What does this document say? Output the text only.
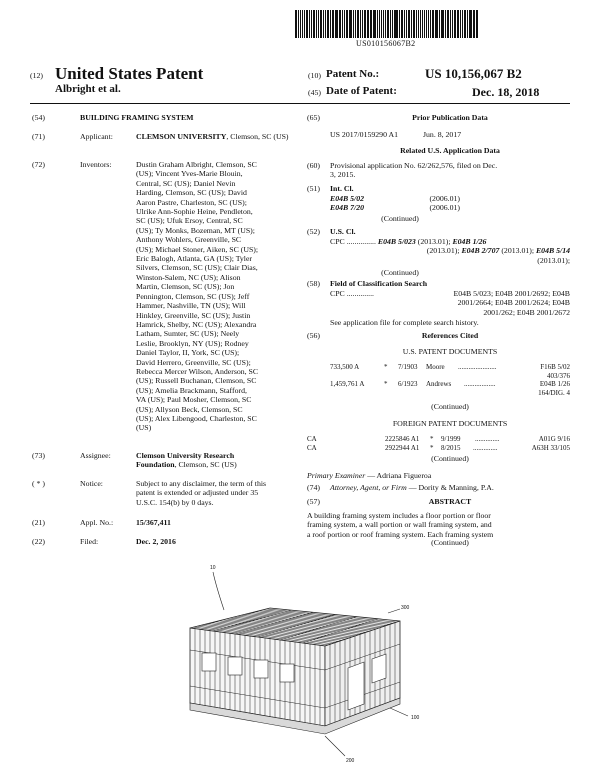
US010156067B2
(12) United States Patent
Albright et al.
(10) Patent No.:	US 10,156,067 B2
(45) Date of Patent:	Dec. 18, 2018
(54)	BUILDING FRAMING SYSTEM
(71)	Applicant:	CLEMSON UNIVERSITY, Clemson, SC (US)
(72)	Inventors:	Dustin Graham Albright, Clemson, SC
(US); Vincent Yves-Marie Blouin,
Central, SC (US); Daniel Nevin
Harding, Clemson, SC (US); David
Aaron Pastre, Charleston, SC (US);
Ulrike Ann-Sophie Heine, Pendleton,
SC (US); Ufuk Ersoy, Central, SC
(US); Ty Monks, Bozeman, MT (US);
Anthony Wohlers, Greenville, SC
(US); Michael Stoner, Aiken, SC (US);
Eric Balogh, Atlanta, GA (US); Tyler
Silvers, Clemson, SC (US); Clair Dias,
Winston-Salem, NC (US); Alison
Martin, Clemson, SC (US); Jon
Pennington, Clemson, SC (US); Jeff
Hammer, Nashville, TN (US); Will
Hinkley, Greenville, SC (US); Justin
Hamrick, Shelby, NC (US); Alexandra
Latham, Sumter, SC (US); Neely
Leslie, Brooklyn, NY (US); Rodney
Daniel Taylor, II, York, SC (US);
David Herrero, Greenville, SC (US);
Rebecca Mercer Wilson, Anderson, SC
(US); Russell Buchanan, Clemson, SC
(US); Amelia Brackmann, Stafford,
VA (US); Paul Mosher, Clemson, SC
(US); Allyson Beck, Clemson, SC
(US); Alex Libengood, Charleston, SC
(US)
(73)	Assignee:	Clemson University Research
Foundation, Clemson, SC (US)
( * )	Notice:	Subject to any disclaimer, the term of this
patent is extended or adjusted under 35
U.S.C. 154(b) by 0 days.
(21)	Appl. No.:	15/367,411
(22)	Filed:	Dec. 2, 2016
(65)	Prior Publication Data
US 2017/0159290 A1	Jun. 8, 2017
Related U.S. Application Data
(60) Provisional application No. 62/262,576, filed on Dec.
3, 2015.
(51) Int. Cl.
E04B 5/02	(2006.01)
E04B 7/20	(2006.01)
(Continued)
(52) U.S. Cl.
CPC ............... E04B 5/023 (2013.01); E04B 1/26
(2013.01); E04B 2/707 (2013.01); E04B 5/14
(2013.01);
(Continued)
(58) Field of Classification Search
CPC ..............	E04B 5/023; E04B 2001/2692; E04B
2001/2664; E04B 2001/2624; E04B
2001/262; E04B 2001/2672
See application file for complete search history.
(56)	References Cited
U.S. PATENT DOCUMENTS
733,500 A	* 7/1903 Moore ......................	F16B 5/02
403/376
1,459,761 A	* 6/1923 Andrews ..................	E04B 1/26
164/DIG. 4
(Continued)
FOREIGN PATENT DOCUMENTS
CA	2225846 A1 * 9/1999 ..............	A01G 9/16
CA	2922944 A1 * 8/2015 ..............	A63H 33/105
(Continued)
Primary Examiner — Adriana Figueroa
(74) Attorney, Agent, or Firm — Dority & Manning, P.A.
(57)	ABSTRACT
A building framing system includes a floor portion or floor
framing system, a wall portion or wall framing system, and
a roof portion or roof framing system. Each framing system
(Continued)
10
300
100
200
